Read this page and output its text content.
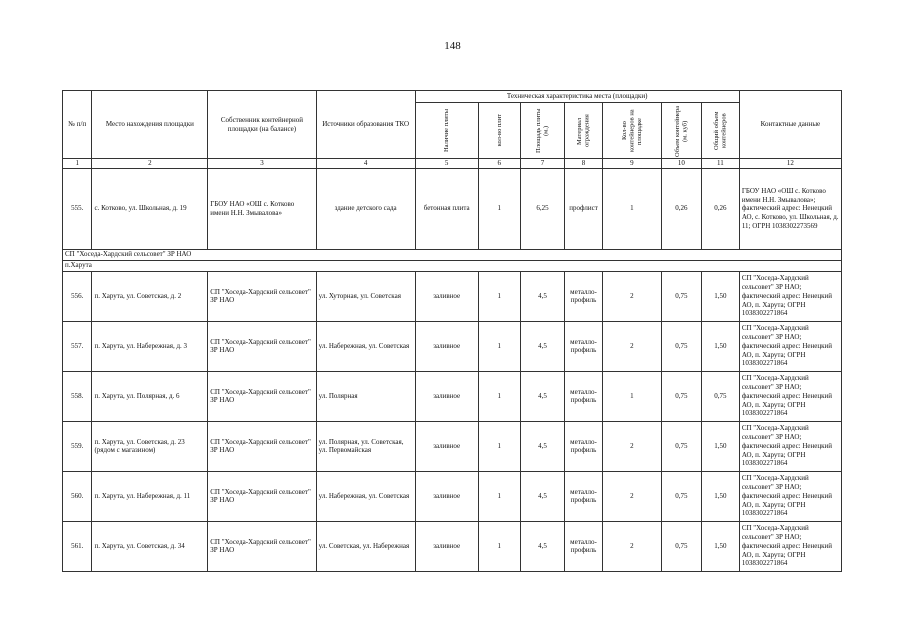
148
№ п/п	Место нахождения площадки	Собственник контейнерной площадки (на балансе)	Источники образования ТКО	Техническая характеристика места (площадки)							Контактные данные

				Наличие плиты	кол-во плит	Площадь плиты (м.)	Материал ограждения	Кол-во контейнеров на площадке	Объем контейнера (м. куб)	Общий объем контейнеров	

1	2	3	4	5	6	7	8	9	10	11	12
555.	с. Котково, ул. Школьная, д. 19	ГБОУ НАО «ОШ с. Котково имени Н.Н. Змывалова»	здание детского сада	бетонная плита	1	6,25	профлист	1	0,26	0,26	ГБОУ НАО «ОШ с. Котково имени Н.Н. Змывалова»; фактический адрес: Ненецкий АО, с. Котково, ул. Школьная, д. 11; ОГРН 1038302273569
СП "Хоседа-Хардский сельсовет" ЗР НАО											
п.Харута											
556.	п. Харута, ул. Советская, д. 2	СП "Хоседа-Хардский сельсовет" ЗР НАО	ул. Хуторная, ул. Советская	заливное	1	4,5	металло-профиль	2	0,75	1,50	СП "Хоседа-Хардский сельсовет" ЗР НАО; фактический адрес: Ненецкий АО, п. Харута; ОГРН 1038302271864
557.	п. Харута, ул. Набережная, д. 3	СП "Хоседа-Хардский сельсовет" ЗР НАО	ул. Набережная, ул. Советская	заливное	1	4,5	металло-профиль	2	0,75	1,50	СП "Хоседа-Хардский сельсовет" ЗР НАО; фактический адрес: Ненецкий АО, п. Харута; ОГРН 1038302271864
558.	п. Харута, ул. Полярная, д. 6	СП "Хоседа-Хардский сельсовет" ЗР НАО	ул. Полярная	заливное	1	4,5	металло-профиль	1	0,75	0,75	СП "Хоседа-Хардский сельсовет" ЗР НАО; фактический адрес: Ненецкий АО, п. Харута; ОГРН 1038302271864
559.	п. Харута, ул. Советская, д. 23 (рядом с магазином)	СП "Хоседа-Хардский сельсовет" ЗР НАО	ул. Полярная, ул. Советская, ул. Первомайская	заливное	1	4,5	металло-профиль	2	0,75	1,50	СП "Хоседа-Хардский сельсовет" ЗР НАО; фактический адрес: Ненецкий АО, п. Харута; ОГРН 1038302271864
560.	п. Харута, ул. Набережная, д. 11	СП "Хоседа-Хардский сельсовет" ЗР НАО	ул. Набережная, ул. Советская	заливное	1	4,5	металло-профиль	2	0,75	1,50	СП "Хоседа-Хардский сельсовет" ЗР НАО; фактический адрес: Ненецкий АО, п. Харута; ОГРН 1038302271864
561.	п. Харута, ул. Советская, д. 34	СП "Хоседа-Хардский сельсовет" ЗР НАО	ул. Советская, ул. Набережная	заливное	1	4,5	металло-профиль	2	0,75	1,50	СП "Хоседа-Хардский сельсовет" ЗР НАО; фактический адрес: Ненецкий АО, п. Харута; ОГРН 1038302271864
